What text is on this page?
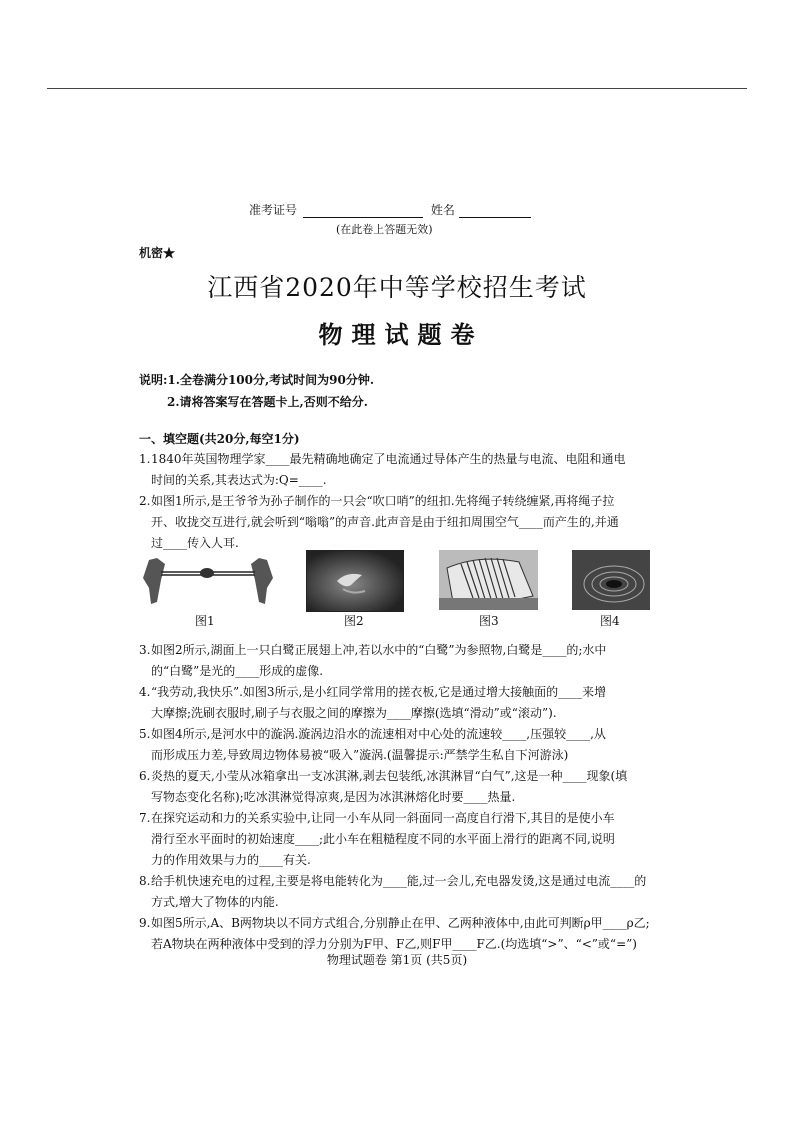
准考证号	姓名
(在此卷上答题无效)
机密★
江西省2020年中等学校招生考试
物理试题卷
说明:1.全卷满分100分,考试时间为90分钟.
2.请将答案写在答题卡上,否则不给分.
一、填空题(共20分,每空1分)
1.1840年英国物理学家____最先精确地确定了电流通过导体产生的热量与电流、电阻和通电
时间的关系,其表达式为:Q=____.
2.如图1所示,是王爷爷为孙子制作的一只会“吹口哨”的纽扣.先将绳子转绕缠紧,再将绳子拉
开、收拢交互进行,就会听到“嗡嗡”的声音.此声音是由于纽扣周围空气____而产生的,并通
过____传入人耳.
图1	图2	图3	图4
3.如图2所示,湖面上一只白鹭正展翅上冲,若以水中的“白鹭”为参照物,白鹭是____的;水中
的“白鹭”是光的____形成的虚像.
4.“我劳动,我快乐”.如图3所示,是小红同学常用的搓衣板,它是通过增大接触面的____来增
大摩擦;洗刷衣服时,刷子与衣服之间的摩擦为____摩擦(选填“滑动”或“滚动”).
5.如图4所示,是河水中的漩涡.漩涡边沿水的流速相对中心处的流速较____,压强较____,从
而形成压力差,导致周边物体易被“吸入”漩涡.(温馨提示:严禁学生私自下河游泳)
6.炎热的夏天,小莹从冰箱拿出一支冰淇淋,剥去包装纸,冰淇淋冒“白气”,这是一种____现象(填
写物态变化名称);吃冰淇淋觉得凉爽,是因为冰淇淋熔化时要____热量.
7.在探究运动和力的关系实验中,让同一小车从同一斜面同一高度自行滑下,其目的是使小车
滑行至水平面时的初始速度____;此小车在粗糙程度不同的水平面上滑行的距离不同,说明
力的作用效果与力的____有关.
8.给手机快速充电的过程,主要是将电能转化为____能,过一会儿,充电器发烫,这是通过电流____的
方式,增大了物体的内能.
9.如图5所示,A、B两物块以不同方式组合,分别静止在甲、乙两种液体中,由此可判断ρ甲____ρ乙;
若A物块在两种液体中受到的浮力分别为F甲、F乙,则F甲____F乙.(均选填“>”、“<”或“=”)
物理试题卷 第1页 (共5页)
